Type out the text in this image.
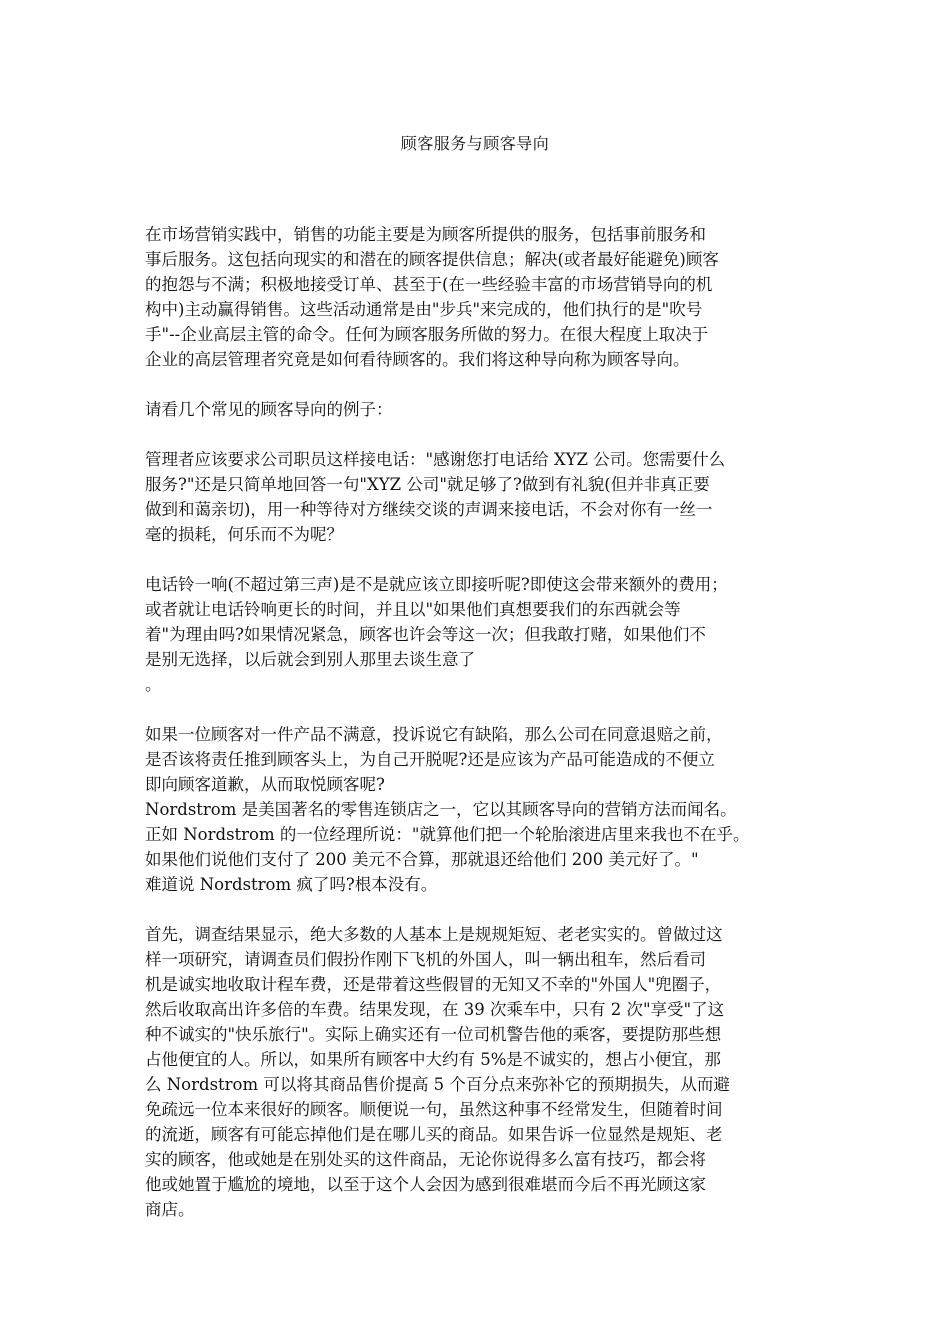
顾客服务与顾客导向
在市场营销实践中，销售的功能主要是为顾客所提供的服务，包括事前服务和
事后服务。这包括向现实的和潜在的顾客提供信息；解决(或者最好能避免)顾客
的抱怨与不满；积极地接受订单、甚至于(在一些经验丰富的市场营销导向的机
构中)主动赢得销售。这些活动通常是由"步兵"来完成的，他们执行的是"吹号
手"--企业高层主管的命令。任何为顾客服务所做的努力。在很大程度上取决于
企业的高层管理者究竟是如何看待顾客的。我们将这种导向称为顾客导向。
请看几个常见的顾客导向的例子：
管理者应该要求公司职员这样接电话："感谢您打电话给 XYZ 公司。您需要什么
服务?"还是只简单地回答一句"XYZ 公司"就足够了?做到有礼貌(但并非真正要
做到和蔼亲切)，用一种等待对方继续交谈的声调来接电话，不会对你有一丝一
毫的损耗，何乐而不为呢？
电话铃一响(不超过第三声)是不是就应该立即接听呢?即使这会带来额外的费用；
或者就让电话铃响更长的时间，并且以"如果他们真想要我们的东西就会等
着"为理由吗?如果情况紧急，顾客也许会等这一次；但我敢打赌，如果他们不
是别无选择，以后就会到别人那里去谈生意了
。
如果一位顾客对一件产品不满意，投诉说它有缺陷，那么公司在同意退赔之前，
是否该将责任推到顾客头上，为自己开脱呢?还是应该为产品可能造成的不便立
即向顾客道歉，从而取悦顾客呢?
Nordstrom 是美国著名的零售连锁店之一，它以其顾客导向的营销方法而闻名。
正如 Nordstrom 的一位经理所说："就算他们把一个轮胎滚进店里来我也不在乎。
如果他们说他们支付了 200 美元不合算，那就退还给他们 200 美元好了。"
难道说 Nordstrom 疯了吗?根本没有。
首先，调查结果显示，绝大多数的人基本上是规规矩短、老老实实的。曾做过这
样一项研究，请调查员们假扮作刚下飞机的外国人，叫一辆出租车，然后看司
机是诚实地收取计程车费，还是带着这些假冒的无知又不幸的"外国人"兜圈子，
然后收取高出许多倍的车费。结果发现，在 39 次乘车中，只有 2 次"享受"了这
种不诚实的"快乐旅行"。实际上确实还有一位司机警告他的乘客，要提防那些想
占他便宜的人。所以，如果所有顾客中大约有 5%是不诚实的，想占小便宜，那
么 Nordstrom 可以将其商品售价提高 5 个百分点来弥补它的预期损失，从而避
免疏远一位本来很好的顾客。顺便说一句，虽然这种事不经常发生，但随着时间
的流逝，顾客有可能忘掉他们是在哪儿买的商品。如果告诉一位显然是规矩、老
实的顾客，他或她是在别处买的这件商品，无论你说得多么富有技巧，都会将
他或她置于尴尬的境地，以至于这个人会因为感到很难堪而今后不再光顾这家
商店。
